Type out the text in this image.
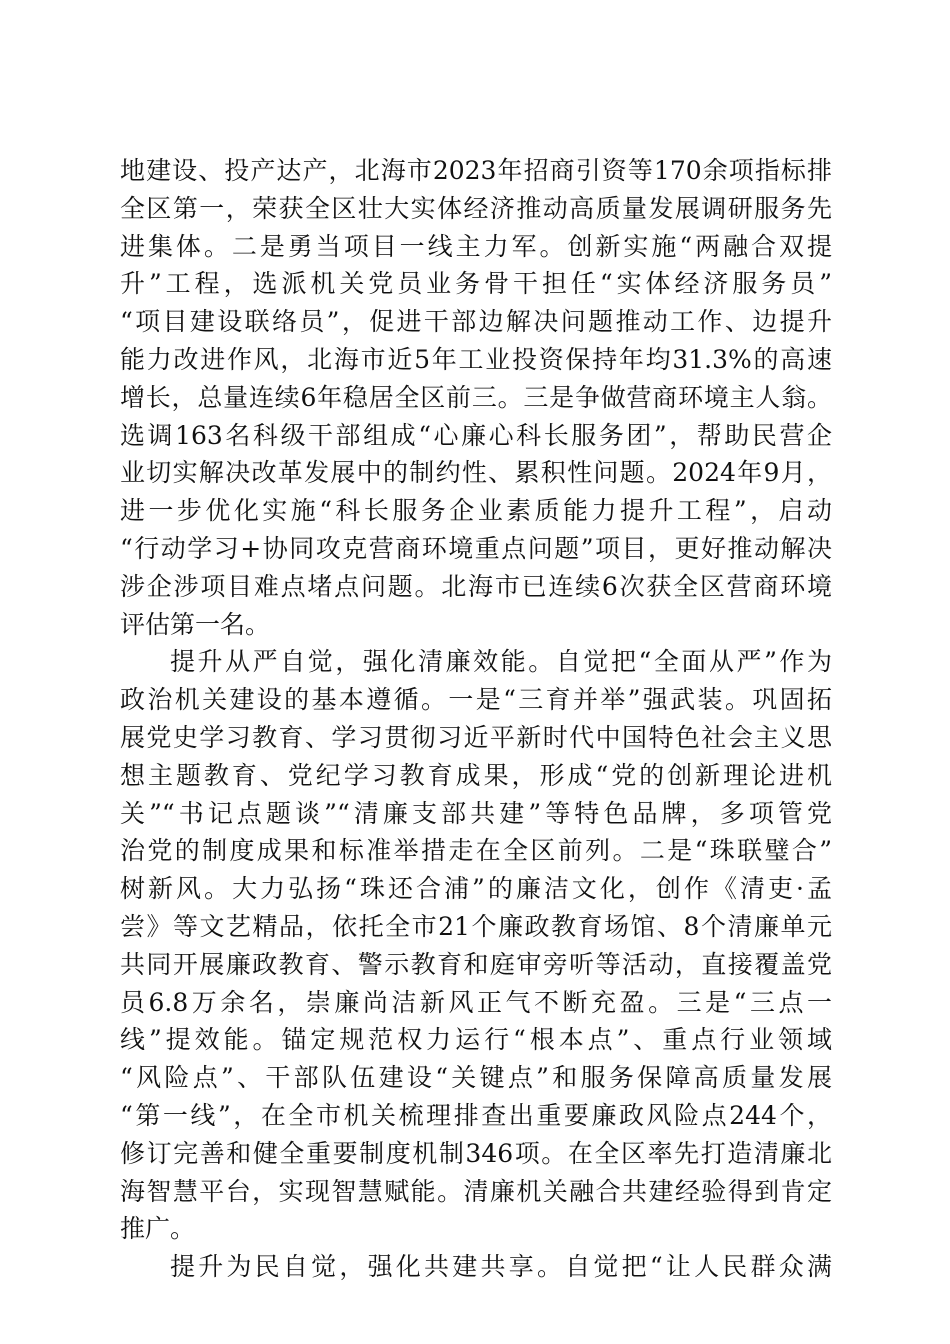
地建设、投产达产，北海市2023年招商引资等170余项指标排
全区第一，荣获全区壮大实体经济推动高质量发展调研服务先
进集体。二是勇当项目一线主力军。创新实施“两融合双提
升”工程，选派机关党员业务骨干担任“实体经济服务员”
“项目建设联络员”，促进干部边解决问题推动工作、边提升
能力改进作风，北海市近5年工业投资保持年均31.3%的高速
增长，总量连续6年稳居全区前三。三是争做营商环境主人翁。
选调163名科级干部组成“心廉心科长服务团”，帮助民营企
业切实解决改革发展中的制约性、累积性问题。2024年9月，
进一步优化实施“科长服务企业素质能力提升工程”，启动
“行动学习+协同攻克营商环境重点问题”项目，更好推动解决
涉企涉项目难点堵点问题。北海市已连续6次获全区营商环境
评估第一名。
提升从严自觉，强化清廉效能。自觉把“全面从严”作为
政治机关建设的基本遵循。一是“三育并举”强武装。巩固拓
展党史学习教育、学习贯彻习近平新时代中国特色社会主义思
想主题教育、党纪学习教育成果，形成“党的创新理论进机
关”“书记点题谈”“清廉支部共建”等特色品牌，多项管党
治党的制度成果和标准举措走在全区前列。二是“珠联璧合”
树新风。大力弘扬“珠还合浦”的廉洁文化，创作《清吏·孟
尝》等文艺精品，依托全市21个廉政教育场馆、8个清廉单元
共同开展廉政教育、警示教育和庭审旁听等活动，直接覆盖党
员6.8万余名，崇廉尚洁新风正气不断充盈。三是“三点一
线”提效能。锚定规范权力运行“根本点”、重点行业领域
“风险点”、干部队伍建设“关键点”和服务保障高质量发展
“第一线”，在全市机关梳理排查出重要廉政风险点244个，
修订完善和健全重要制度机制346项。在全区率先打造清廉北
海智慧平台，实现智慧赋能。清廉机关融合共建经验得到肯定
推广。
提升为民自觉，强化共建共享。自觉把“让人民群众满
